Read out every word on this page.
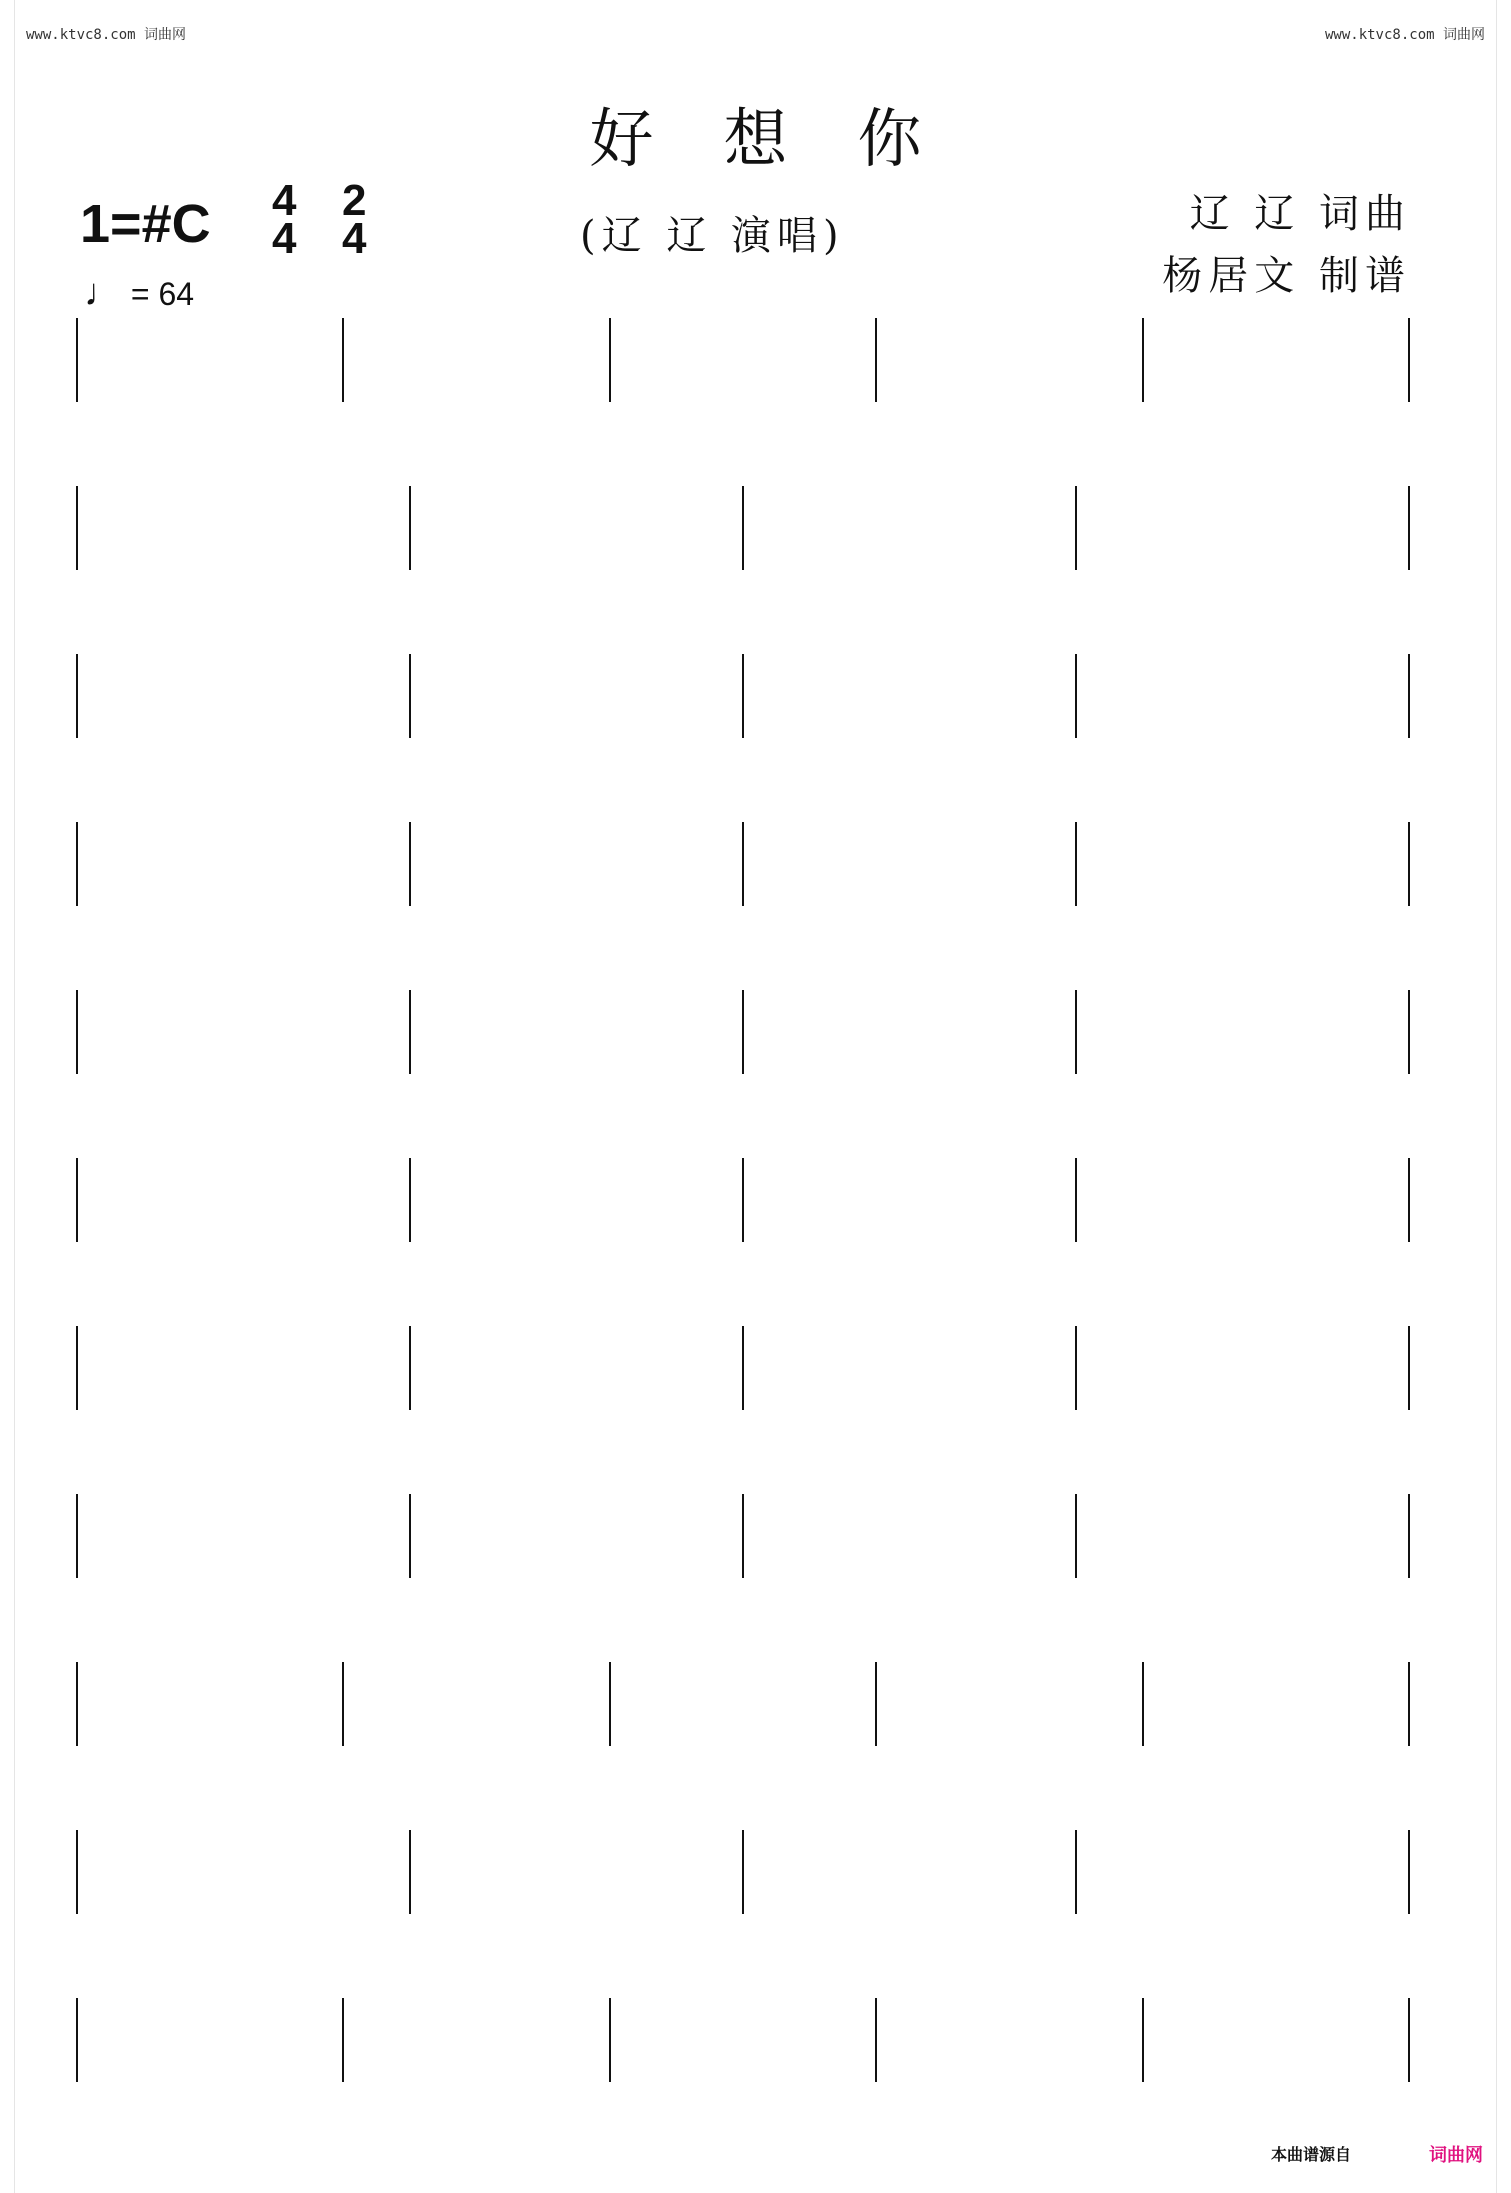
www.ktvc8.com 词曲网	www.ktvc8.com 词曲网
好想你
1=#C 4
4
2
4
♩ = 64
(辽 辽 演唱)	辽 辽 词曲
杨居文 制谱
本曲谱源自	词曲网
